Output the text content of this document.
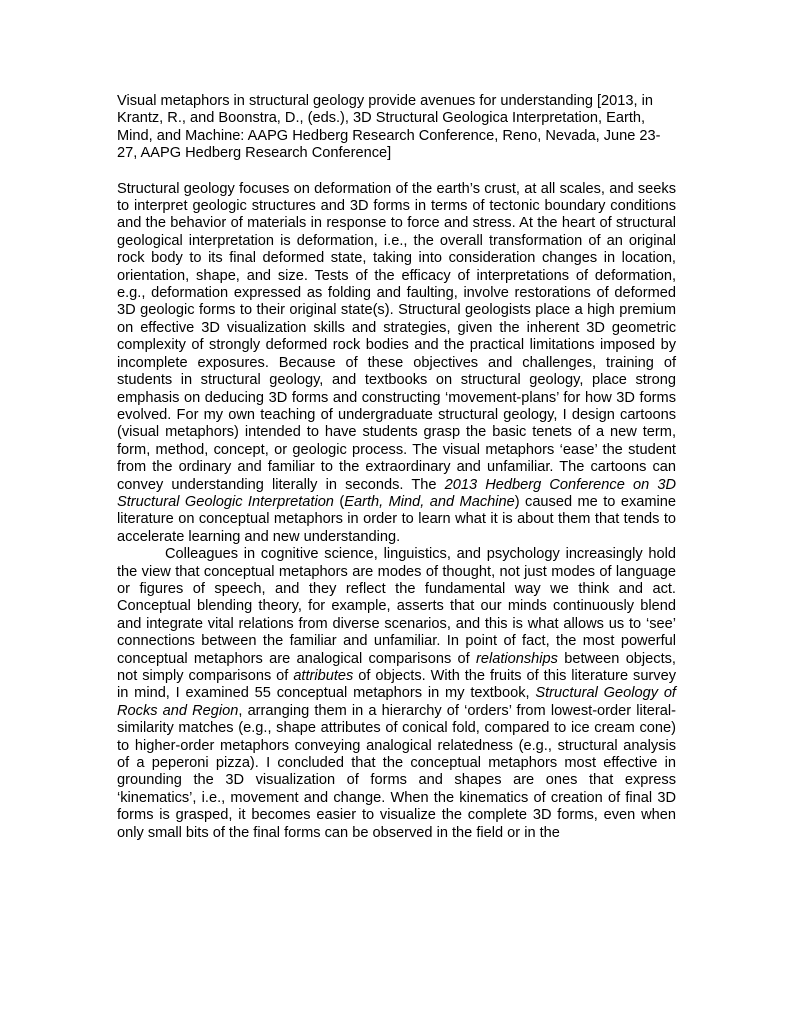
Visual metaphors in structural geology provide avenues for understanding [2013, in Krantz, R., and Boonstra, D., (eds.), 3D Structural Geologica Interpretation, Earth, Mind, and Machine: AAPG Hedberg Research Conference, Reno, Nevada, June 23-27, AAPG Hedberg Research Conference]

Structural geology focuses on deformation of the earth’s crust, at all scales, and seeks to interpret geologic structures and 3D forms in terms of tectonic boundary conditions and the behavior of materials in response to force and stress. At the heart of structural geological interpretation is deformation, i.e., the overall transformation of an original rock body to its final deformed state, taking into consideration changes in location, orientation, shape, and size. Tests of the efficacy of interpretations of deformation, e.g., deformation expressed as folding and faulting, involve restorations of deformed 3D geologic forms to their original state(s). Structural geologists place a high premium on effective 3D visualization skills and strategies, given the inherent 3D geometric complexity of strongly deformed rock bodies and the practical limitations imposed by incomplete exposures. Because of these objectives and challenges, training of students in structural geology, and textbooks on structural geology, place strong emphasis on deducing 3D forms and constructing ‘movement-plans’ for how 3D forms evolved. For my own teaching of undergraduate structural geology, I design cartoons (visual metaphors) intended to have students grasp the basic tenets of a new term, form, method, concept, or geologic process. The visual metaphors ‘ease’ the student from the ordinary and familiar to the extraordinary and unfamiliar. The cartoons can convey understanding literally in seconds. The 2013 Hedberg Conference on 3D Structural Geologic Interpretation (Earth, Mind, and Machine) caused me to examine literature on conceptual metaphors in order to learn what it is about them that tends to accelerate learning and new understanding.

Colleagues in cognitive science, linguistics, and psychology increasingly hold the view that conceptual metaphors are modes of thought, not just modes of language or figures of speech, and they reflect the fundamental way we think and act. Conceptual blending theory, for example, asserts that our minds continuously blend and integrate vital relations from diverse scenarios, and this is what allows us to ‘see’ connections between the familiar and unfamiliar. In point of fact, the most powerful conceptual metaphors are analogical comparisons of relationships between objects, not simply comparisons of attributes of objects. With the fruits of this literature survey in mind, I examined 55 conceptual metaphors in my textbook, Structural Geology of Rocks and Region, arranging them in a hierarchy of ‘orders’ from lowest-order literal-similarity matches (e.g., shape attributes of conical fold, compared to ice cream cone) to higher-order metaphors conveying analogical relatedness (e.g., structural analysis of a peperoni pizza). I concluded that the conceptual metaphors most effective in grounding the 3D visualization of forms and shapes are ones that express ‘kinematics’, i.e., movement and change. When the kinematics of creation of final 3D forms is grasped, it becomes easier to visualize the complete 3D forms, even when only small bits of the final forms can be observed in the field or in the
